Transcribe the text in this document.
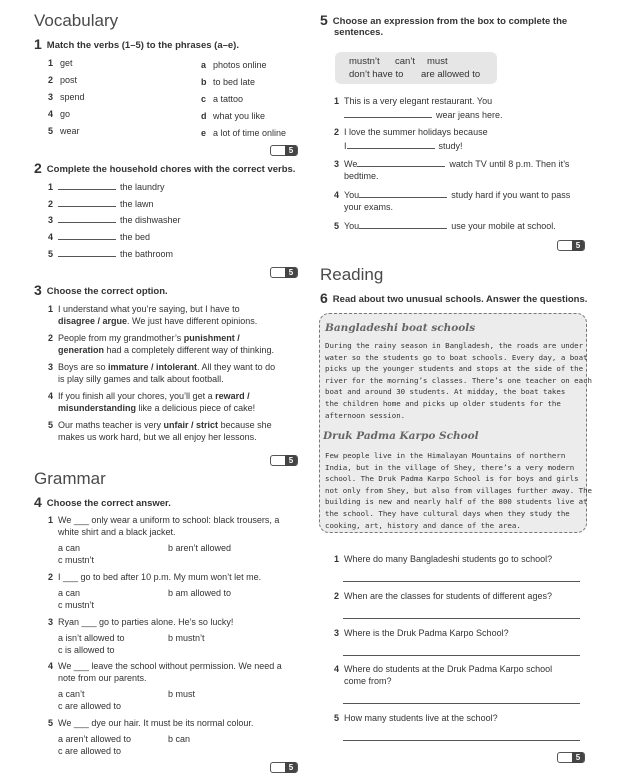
Vocabulary
1 Match the verbs (1–5) to the phrases (a–e).
1 get
2 post
3 spend
4 go
5 wear
a photos online
b to bed late
c a tattoo
d what you like
e a lot of time online
5
2 Complete the household chores with the correct verbs.
1	the laundry
2	the lawn
3	the dishwasher
4	the bed
5	the bathroom
5
3 Choose the correct option.
1 I understand what you’re saying, but I have to
disagree / argue. We just have different opinions.
2 People from my grandmother’s punishment /
generation had a completely different way of thinking.
3 Boys are so immature / intolerant. All they want to do
is play silly games and talk about football.
4 If you finish all your chores, you’ll get a reward /
misunderstanding like a delicious piece of cake!
5 Our maths teacher is very unfair / strict because she
makes us work hard, but we all enjoy her lessons.
5
Grammar
4 Choose the correct answer.
1 We ___ only wear a uniform to school: black trousers, a
white shirt and a black jacket.
a can	b aren’t allowed
c mustn’t
2 I ___ go to bed after 10 p.m. My mum won’t let me.
a can	b am allowed to
c mustn’t
3 Ryan ___ go to parties alone. He’s so lucky!
a isn’t allowed to	b mustn’t
c is allowed to
4 We ___ leave the school without permission. We need a
note from our parents.
a can’t	b must
c are allowed to
5 We ___ dye our hair. It must be its normal colour.
a aren’t allowed to	b can
c are allowed to
5
5 Choose an expression from the box to complete the
sentences.
mustn’t can’t must
don’t have to are allowed to
1 This is a very elegant restaurant. You
wear jeans here.
2 I love the summer holidays because
I	study!
3 We	watch TV until 8 p.m. Then it’s
bedtime.
4 You	study hard if you want to pass
your exams.
5 You	use your mobile at school.
5
Reading
6 Read about two unusual schools. Answer the questions.
Bangladeshi boat schools
During the rainy season in Bangladesh, the roads are under
water so the students go to boat schools. Every day, a boat
picks up the younger students and stops at the side of the
river for the morning’s classes. There’s one teacher on each
boat and around 30 students. At midday, the boat takes
the children home and picks up older students for the
afternoon session.
Druk Padma Karpo School
Few people live in the Himalayan Mountains of northern
India, but in the village of Shey, there’s a very modern
school. The Druk Padma Karpo School is for boys and girls
not only from Shey, but also from villages further away. The
building is new and nearly half of the 800 students live at
the school. They have cultural days when they study the
cooking, art, history and dance of the area.
1 Where do many Bangladeshi students go to school?
2 When are the classes for students of different ages?
3 Where is the Druk Padma Karpo School?
4 Where do students at the Druk Padma Karpo school
come from?
5 How many students live at the school?
5
